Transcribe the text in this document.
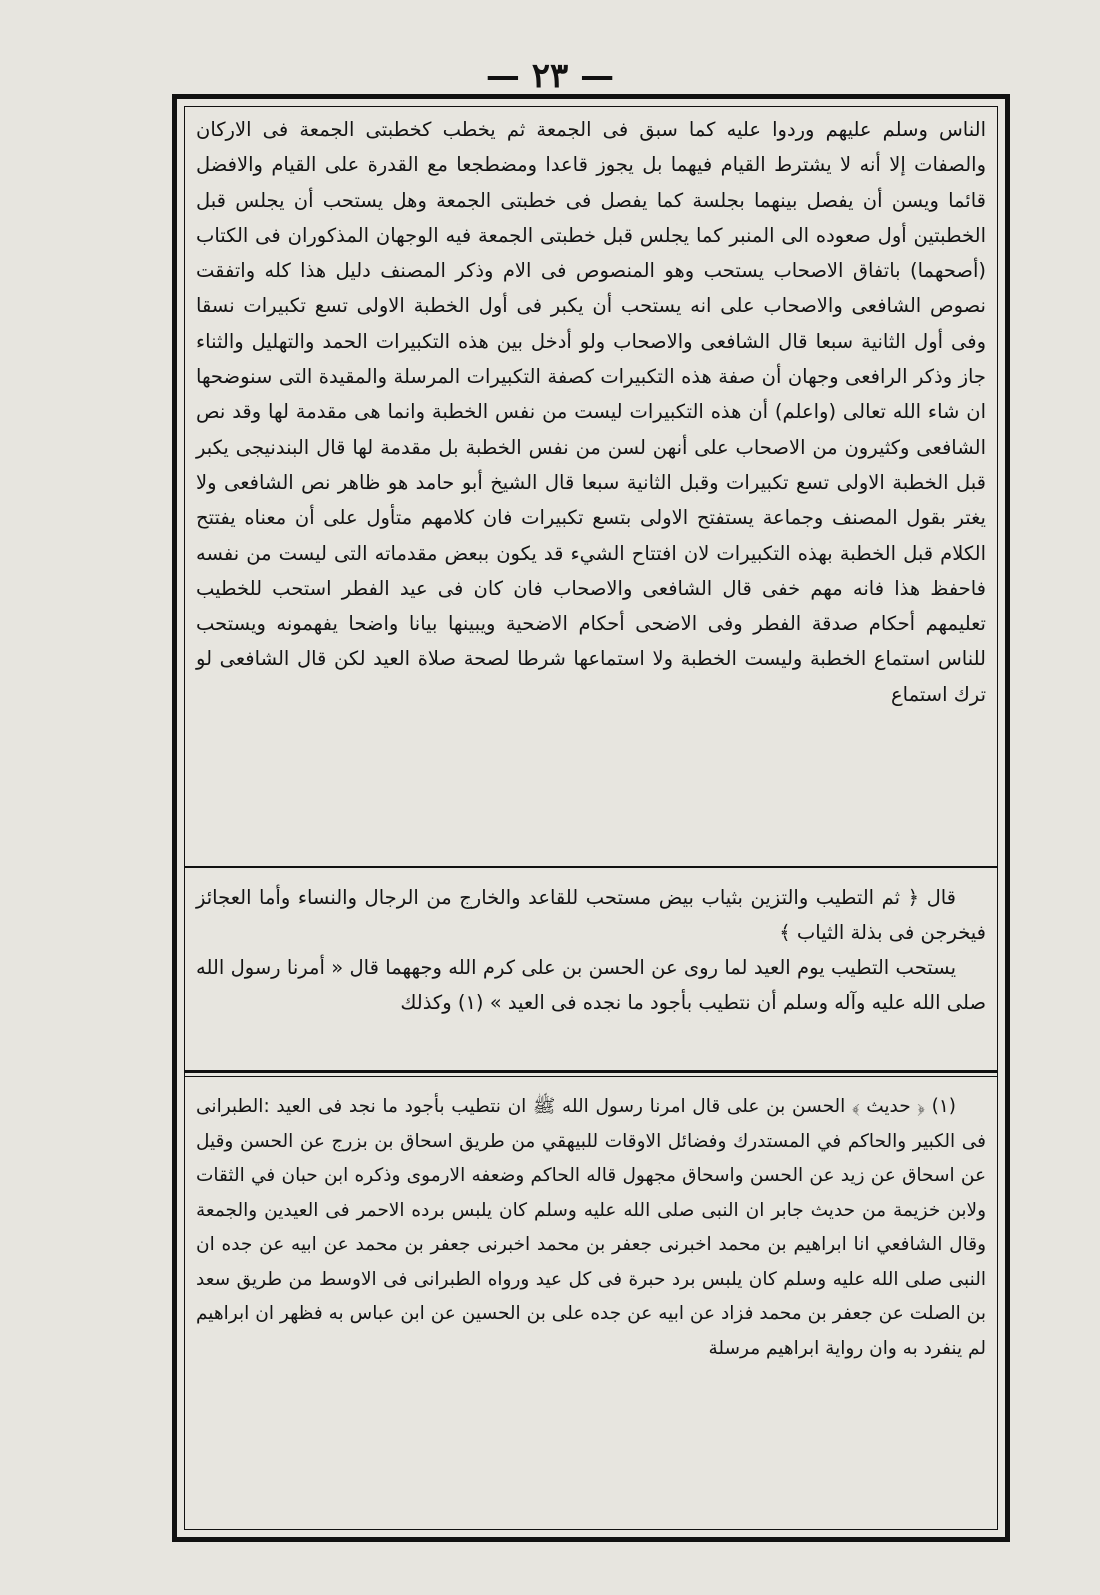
— ٢٣ —

الناس وسلم عليهم وردوا عليه كما سبق فى الجمعة ثم يخطب كخطبتى الجمعة فى الاركان والصفات إلا أنه لا يشترط القيام فيهما بل يجوز قاعدا ومضطجعا مع القدرة على القيام والافضل قائما ويسن أن يفصل بينهما بجلسة كما يفصل فى خطبتى الجمعة وهل يستحب أن يجلس قبل الخطبتين أول صعوده الى المنبر كما يجلس قبل خطبتى الجمعة فيه الوجهان المذكوران فى الكتاب (أصحهما) باتفاق الاصحاب يستحب وهو المنصوص فى الام وذكر المصنف دليل هذا كله واتفقت نصوص الشافعى والاصحاب على انه يستحب أن يكبر فى أول الخطبة الاولى تسع تكبيرات نسقا وفى أول الثانية سبعا قال الشافعى والاصحاب ولو أدخل بين هذه التكبيرات الحمد والتهليل والثناء جاز وذكر الرافعى وجهان أن صفة هذه التكبيرات كصفة التكبيرات المرسلة والمقيدة التى سنوضحها ان شاء الله تعالى (واعلم) أن هذه التكبيرات ليست من نفس الخطبة وانما هى مقدمة لها وقد نص الشافعى وكثيرون من الاصحاب على أنهن لسن من نفس الخطبة بل مقدمة لها قال البندنيجى يكبر قبل الخطبة الاولى تسع تكبيرات وقبل الثانية سبعا قال الشيخ أبو حامد هو ظاهر نص الشافعى ولا يغتر بقول المصنف وجماعة يستفتح الاولى بتسع تكبيرات فان كلامهم متأول على أن معناه يفتتح الكلام قبل الخطبة بهذه التكبيرات لان افتتاح الشيء قد يكون ببعض مقدماته التى ليست من نفسه فاحفظ هذا فانه مهم خفى قال الشافعى والاصحاب فان كان فى عيد الفطر استحب للخطيب تعليمهم أحكام صدقة الفطر وفى الاضحى أحكام الاضحية ويبينها بيانا واضحا يفهمونه ويستحب للناس استماع الخطبة وليست الخطبة ولا استماعها شرطا لصحة صلاة العيد لكن قال الشافعى لو ترك استماع

قال ﴿ ثم التطيب والتزين بثياب بيض مستحب للقاعد والخارج من الرجال والنساء وأما العجائز فيخرجن فى بذلة الثياب ﴾

يستحب التطيب يوم العيد لما روى عن الحسن بن على كرم الله وجههما قال « أمرنا رسول الله صلى الله عليه وآله وسلم أن نتطيب بأجود ما نجده فى العيد » (١) وكذلك

(١) ﴿ حديث ﴾ الحسن بن على قال امرنا رسول الله ﷺ ان نتطيب بأجود ما نجد فى العيد :الطبرانى فى الكبير والحاكم في المستدرك وفضائل الاوقات للبيهقي من طريق اسحاق بن بزرج عن الحسن وقيل عن اسحاق عن زيد عن الحسن واسحاق مجهول قاله الحاكم وضعفه الارموى وذكره ابن حبان في الثقات ولابن خزيمة من حديث جابر ان النبى صلى الله عليه وسلم كان يلبس برده الاحمر فى العيدين والجمعة وقال الشافعي انا ابراهيم بن محمد اخبرنى جعفر بن محمد اخبرنى جعفر بن محمد عن ابيه عن جده ان النبى صلى الله عليه وسلم كان يلبس برد حبرة فى كل عيد ورواه الطبرانى فى الاوسط من طريق سعد بن الصلت عن جعفر بن محمد فزاد عن ابيه عن جده على بن الحسين عن ابن عباس به فظهر ان ابراهيم لم ينفرد به وان رواية ابراهيم مرسلة
